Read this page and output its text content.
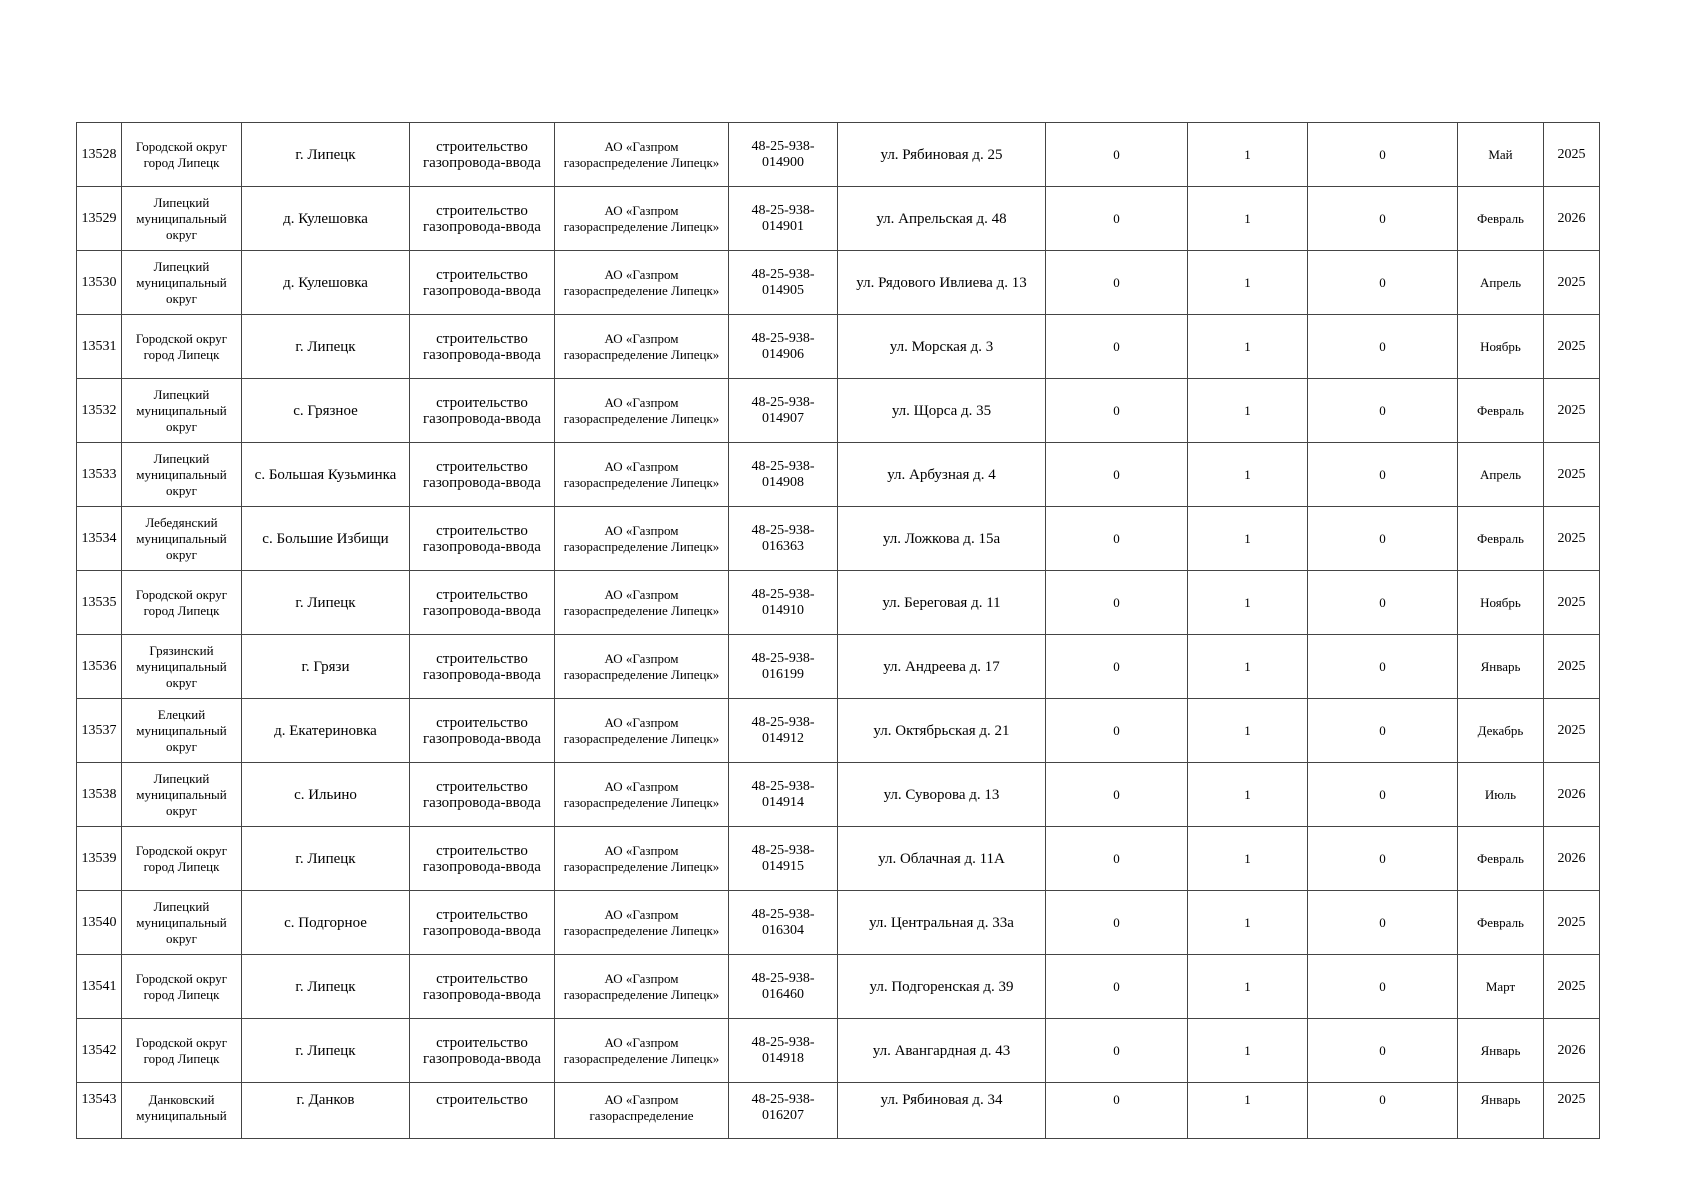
13528	Городской округ город Липецк	г. Липецк	строительство газопровода-ввода	АО «Газпром газораспределение Липецк»	48-25-938-014900	ул. Рябиновая д. 25	0	1	0	Май	2025
13529	Липецкий муниципальный округ	д. Кулешовка	строительство газопровода-ввода	АО «Газпром газораспределение Липецк»	48-25-938-014901	ул. Апрельская д. 48	0	1	0	Февраль	2026
13530	Липецкий муниципальный округ	д. Кулешовка	строительство газопровода-ввода	АО «Газпром газораспределение Липецк»	48-25-938-014905	ул. Рядового Ивлиева д. 13	0	1	0	Апрель	2025
13531	Городской округ город Липецк	г. Липецк	строительство газопровода-ввода	АО «Газпром газораспределение Липецк»	48-25-938-014906	ул. Морская д. 3	0	1	0	Ноябрь	2025
13532	Липецкий муниципальный округ	с. Грязное	строительство газопровода-ввода	АО «Газпром газораспределение Липецк»	48-25-938-014907	ул. Щорса д. 35	0	1	0	Февраль	2025
13533	Липецкий муниципальный округ	с. Большая Кузьминка	строительство газопровода-ввода	АО «Газпром газораспределение Липецк»	48-25-938-014908	ул. Арбузная д. 4	0	1	0	Апрель	2025
13534	Лебедянский муниципальный округ	с. Большие Избищи	строительство газопровода-ввода	АО «Газпром газораспределение Липецк»	48-25-938-016363	ул. Ложкова д. 15а	0	1	0	Февраль	2025
13535	Городской округ город Липецк	г. Липецк	строительство газопровода-ввода	АО «Газпром газораспределение Липецк»	48-25-938-014910	ул. Береговая д. 11	0	1	0	Ноябрь	2025
13536	Грязинский муниципальный округ	г. Грязи	строительство газопровода-ввода	АО «Газпром газораспределение Липецк»	48-25-938-016199	ул. Андреева д. 17	0	1	0	Январь	2025
13537	Елецкий муниципальный округ	д. Екатериновка	строительство газопровода-ввода	АО «Газпром газораспределение Липецк»	48-25-938-014912	ул. Октябрьская д. 21	0	1	0	Декабрь	2025
13538	Липецкий муниципальный округ	с. Ильино	строительство газопровода-ввода	АО «Газпром газораспределение Липецк»	48-25-938-014914	ул. Суворова д. 13	0	1	0	Июль	2026
13539	Городской округ город Липецк	г. Липецк	строительство газопровода-ввода	АО «Газпром газораспределение Липецк»	48-25-938-014915	ул. Облачная д. 11А	0	1	0	Февраль	2026
13540	Липецкий муниципальный округ	с. Подгорное	строительство газопровода-ввода	АО «Газпром газораспределение Липецк»	48-25-938-016304	ул. Центральная д. 33а	0	1	0	Февраль	2025
13541	Городской округ город Липецк	г. Липецк	строительство газопровода-ввода	АО «Газпром газораспределение Липецк»	48-25-938-016460	ул. Подгоренская д. 39	0	1	0	Март	2025
13542	Городской округ город Липецк	г. Липецк	строительство газопровода-ввода	АО «Газпром газораспределение Липецк»	48-25-938-014918	ул. Авангардная д. 43	0	1	0	Январь	2026
13543	Данковский муниципальный	г. Данков	строительство	АО «Газпром газораспределение	48-25-938-016207	ул. Рябиновая д. 34	0	1	0	Январь	2025
